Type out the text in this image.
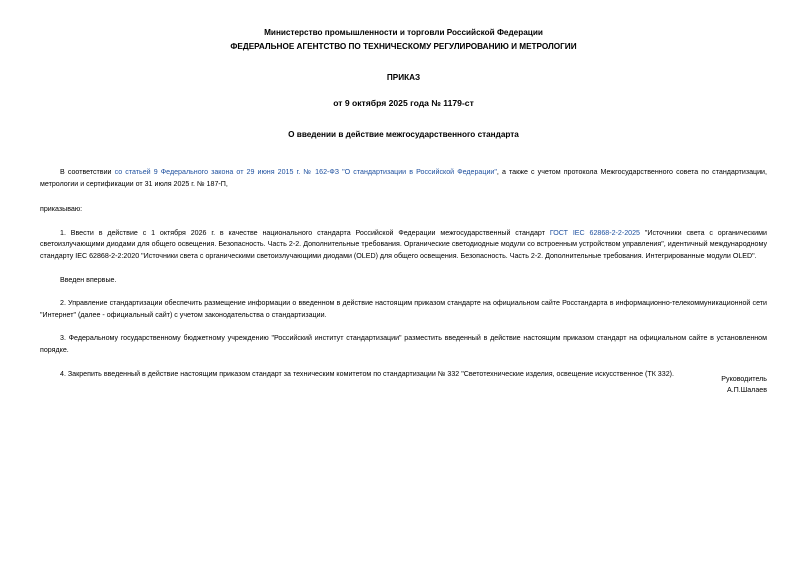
Министерство промышленности и торговли Российской Федерации
ФЕДЕРАЛЬНОЕ АГЕНТСТВО ПО ТЕХНИЧЕСКОМУ РЕГУЛИРОВАНИЮ И МЕТРОЛОГИИ
ПРИКАЗ
от 9 октября 2025 года № 1179-ст
О введении в действие межгосударственного стандарта

В соответствии со статьей 9 Федерального закона от 29 июня 2015 г. № 162-ФЗ "О стандартизации в Российской Федерации", а также с учетом протокола Межгосударственного совета по стандартизации, метрологии и сертификации от 31 июля 2025 г. № 187-П,

приказываю:

1. Ввести в действие с 1 октября 2026 г. в качестве национального стандарта Российской Федерации межгосударственный стандарт ГОСТ IEC 62868-2-2-2025 "Источники света с органическими светоизлучающими диодами для общего освещения. Безопасность. Часть 2-2. Дополнительные требования. Органические светодиодные модули со встроенным устройством управления", идентичный международному стандарту IEC 62868-2-2:2020 "Источники света с органическими светоизлучающими диодами (OLED) для общего освещения. Безопасность. Часть 2-2. Дополнительные требования. Интегрированные модули OLED".

Введен впервые.

2. Управление стандартизации обеспечить размещение информации о введенном в действие настоящим приказом стандарте на официальном сайте Росстандарта в информационно-телекоммуникационной сети "Интернет" (далее - официальный сайт) с учетом законодательства о стандартизации.

3. Федеральному государственному бюджетному учреждению "Российский институт стандартизации" разместить введенный в действие настоящим приказом стандарт на официальном сайте в установленном порядке.

4. Закрепить введенный в действие настоящим приказом стандарт за техническим комитетом по стандартизации № 332 "Светотехнические изделия, освещение искусственное (ТК 332).

Руководитель
А.П.Шалаев
